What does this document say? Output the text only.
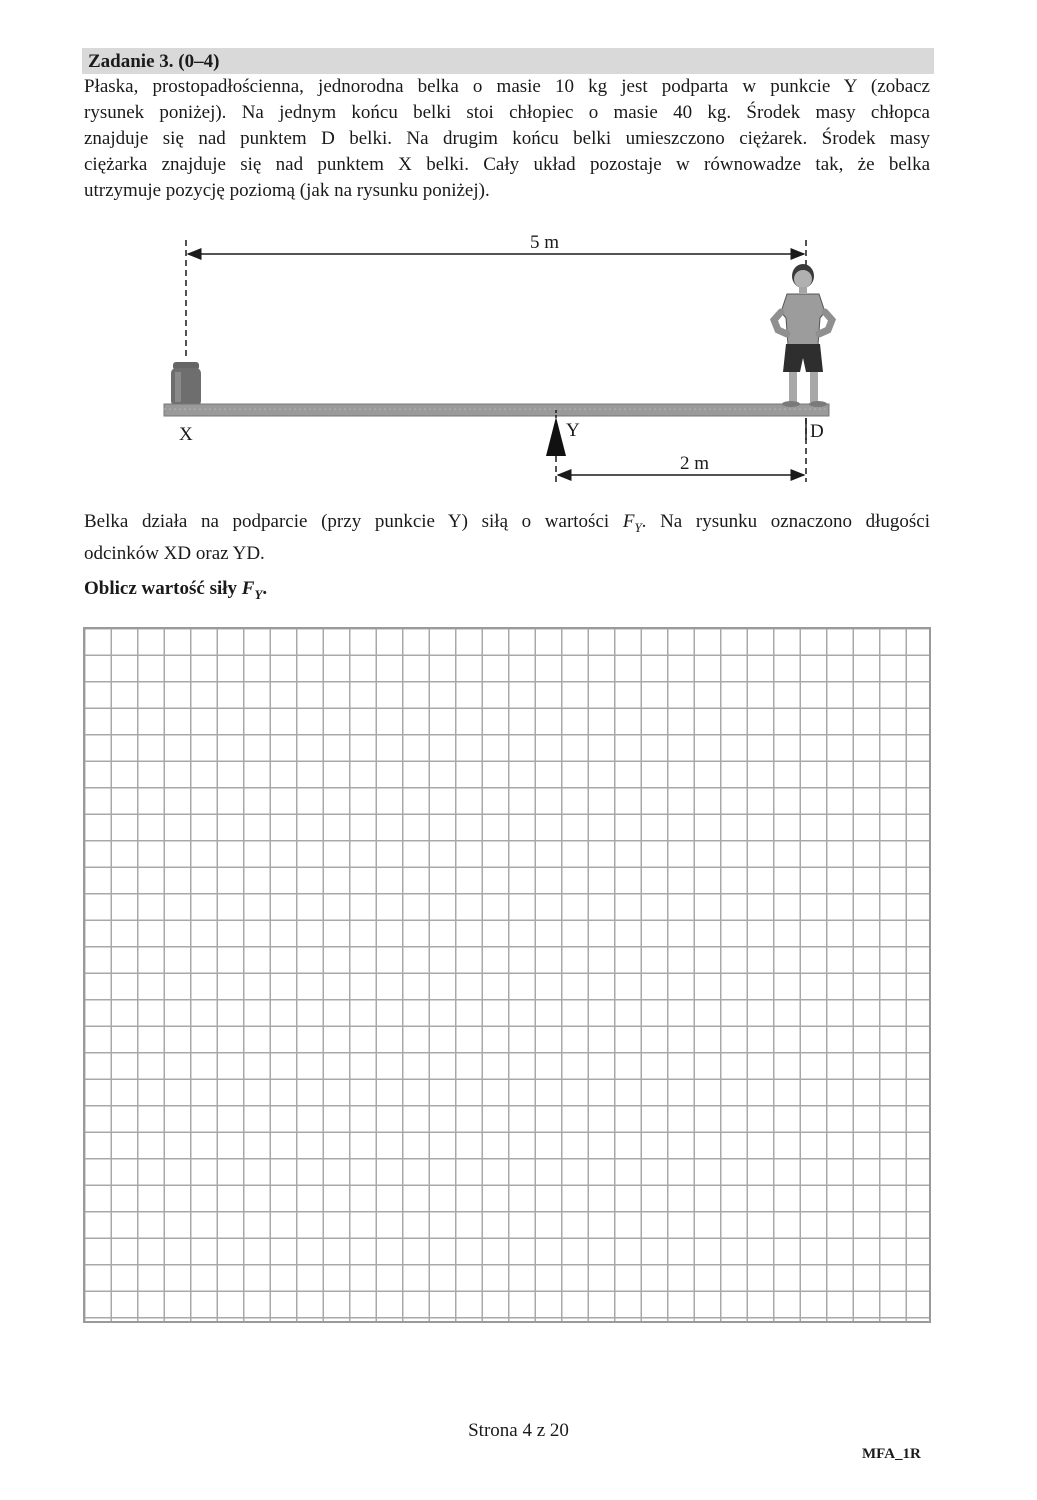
Zadanie 3. (0–4)
Płaska, prostopadłościenna, jednorodna belka o masie 10 kg jest podparta w punkcie Y (zobacz
rysunek poniżej). Na jednym końcu belki stoi chłopiec o masie 40 kg. Środek masy chłopca
znajduje się nad punktem D belki. Na drugim końcu belki umieszczono ciężarek. Środek masy
ciężarka znajduje się nad punktem X belki. Cały układ pozostaje w równowadze tak, że belka
utrzymuje pozycję poziomą (jak na rysunku poniżej).
5 m
X	Y	D
2 m
Belka działa na podparcie (przy punkcie Y) siłą o wartości $F_Y$. Na rysunku oznaczono długości
odcinków XD oraz YD.
Oblicz wartość siły $F_Y$.
Strona 4 z 20
MFA_1R
